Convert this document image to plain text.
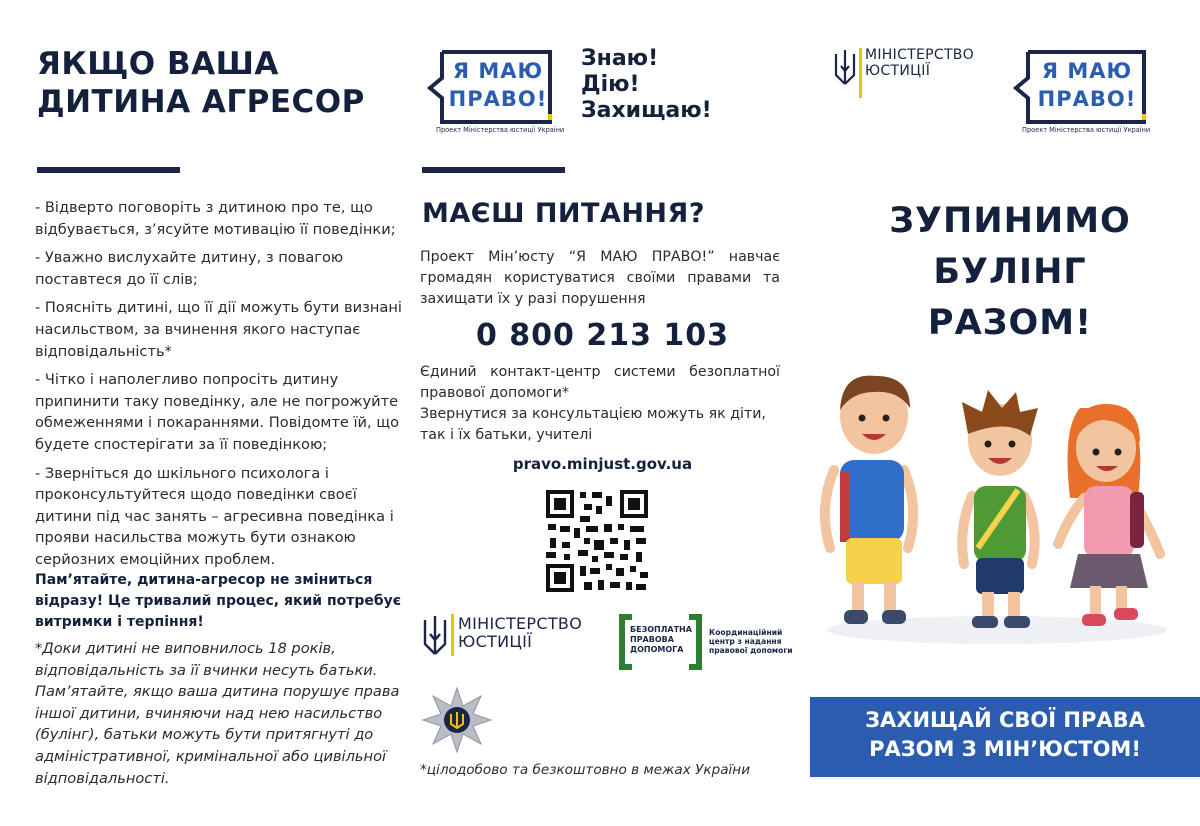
ЯКЩО ВАША
ДИТИНА АГРЕСОР

- Відверто поговоріть з дитиною про те, що відбувається, з’ясуйте мотивацію її поведінки;

- Уважно вислухайте дитину, з повагою поставтеся до її слів;

- Поясніть дитині, що її дії можуть бути визнані насильством, за вчинення якого наступає відповідальність*

- Чітко і наполегливо попросіть дитину припинити таку поведінку, але не погрожуйте обмеженнями і покараннями. Повідомте їй, що будете спостерігати за її поведінкою;

- Зверніться до шкільного психолога і проконсультуйтеся щодо поведінки своєї дитини під час занять – агресивна поведінка і прояви насильства можуть бути ознакою серйозних емоційних проблем.

Пам’ятайте, дитина-агресор не зміниться відразу! Це тривалий процес, який потребує витримки і терпіння!
*Доки дитині не виповнилось 18 років, відповідальність за її вчинки несуть батьки. Пам’ятайте, якщо ваша дитина порушує права іншої дитини, вчиняючи над нею насильство (булінг), батьки можуть бути притягнуті до адміністративної, кримінальної або цивільної відповідальності.
Я МАЮ
ПРАВО!
Проект Міністерства юстиції України
Знаю!
Дію!
Захищаю!
МАЄШ ПИТАННЯ?
Проект Мін’юсту “Я МАЮ ПРАВО!” навчає громадян користуватися своїми правами та захищати їх у разі порушення
0 800 213 103
Єдиний контакт-центр системи безоплатної правової допомоги*
Звернутися за консультацією можуть як діти, так і їх батьки, учителі
pravo.minjust.gov.ua
МІНІСТЕРСТВО
ЮСТИЦІЇ
БЕЗОПЛАТНА
ПРАВОВА
ДОПОМОГА
Координаційний
центр з надання
правової допомоги
*цілодобово та безкоштовно в межах України
МІНІСТЕРСТВО
ЮСТИЦІЇ	Я МАЮ
ПРАВО!
Проект Міністерства юстиції України
ЗУПИНИМО
БУЛІНГ
РАЗОМ!
ЗАХИЩАЙ СВОЇ ПРАВА
РАЗОМ З МІН’ЮСТОМ!
